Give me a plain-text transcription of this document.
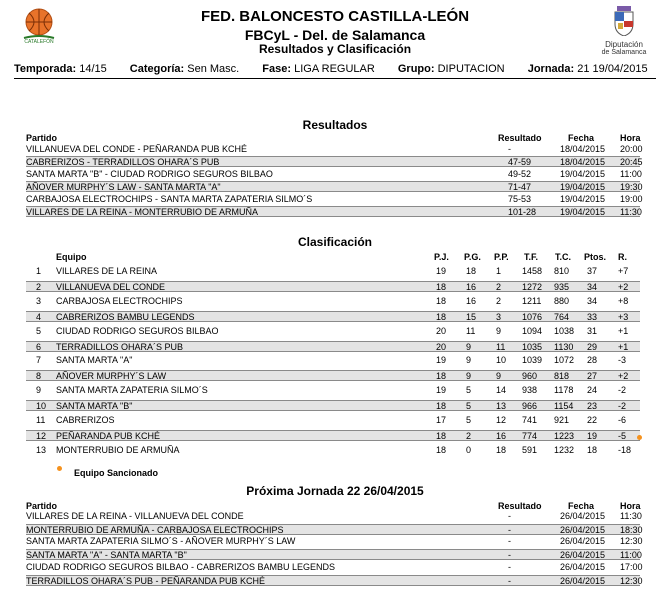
CATALEFÓN	Diputación
de Salamanca
FED. BALONCESTO CASTILLA-LEÓN
FBCyL - Del. de Salamanca
Resultados y Clasificación
Temporada: 14/15 Categoría: Sen Masc. Fase: LIGA REGULAR Grupo: DIPUTACION Jornada: 21 19/04/2015
Resultados
Partido	Resultado	Fecha	Hora
VILLANUEVA DEL CONDE - PEÑARANDA PUB KCHÉ	-	18/04/2015 20:00
CABRERIZOS - TERRADILLOS OHARA´S PUB	47-59	18/04/2015 20:45
SANTA MARTA "B" - CIUDAD RODRIGO SEGUROS BILBAO	49-52	19/04/2015 11:00
AÑOVER MURPHY´S LAW - SANTA MARTA "A"	71-47	19/04/2015 19:30
CARBAJOSA ELECTROCHIPS - SANTA MARTA ZAPATERIA SILMO´S	75-53	19/04/2015 19:00
VILLARES DE LA REINA - MONTERRUBIO DE ARMUÑA	101-28	19/04/2015 11:30
Clasificación
Equipo	P.J. P.G. P.P. T.F. T.C. Ptos. R.
1 VILLARES DE LA REINA	19 18 1 1458 810 37 +7
2 VILLANUEVA DEL CONDE	18 16 2 1272 935 34 +2
3 CARBAJOSA ELECTROCHIPS	18 16 2 1211 880 34 +8
4 CABRERIZOS BAMBU LEGENDS	18 15 3 1076 764 33 +3
5 CIUDAD RODRIGO SEGUROS BILBAO	20 11 9 1094 1038 31 +1
6 TERRADILLOS OHARA´S PUB	20 9	11 1035 1130 29 +1
7 SANTA MARTA "A"	19 9	10 1039 1072 28 -3
8 AÑOVER MURPHY´S LAW	18 9	9 960 818 27 +2
9 SANTA MARTA ZAPATERIA SILMO´S	19 5	14 938 1178 24 -2
10 SANTA MARTA "B"	18 5	13 966 1154 23 -2
11 CABRERIZOS	17 5	12 741 921 22 -6
12 PEÑARANDA PUB KCHÉ	18 2	16 774 1223 19 -5
13 MONTERRUBIO DE ARMUÑA	18 0	18 591 1232 18 -18
Equipo Sancionado
Próxima Jornada 22 26/04/2015
Partido	Resultado	Fecha	Hora
VILLARES DE LA REINA - VILLANUEVA DEL CONDE	-	26/04/2015 11:30
MONTERRUBIO DE ARMUÑA - CARBAJOSA ELECTROCHIPS	-	26/04/2015 18:30
SANTA MARTA ZAPATERIA SILMO´S - AÑOVER MURPHY´S LAW	-	26/04/2015 12:30
SANTA MARTA "A" - SANTA MARTA "B"	-	26/04/2015 11:00
CIUDAD RODRIGO SEGUROS BILBAO - CABRERIZOS BAMBU LEGENDS	-	26/04/2015 17:00
TERRADILLOS OHARA´S PUB - PEÑARANDA PUB KCHÉ	-	26/04/2015 12:30
